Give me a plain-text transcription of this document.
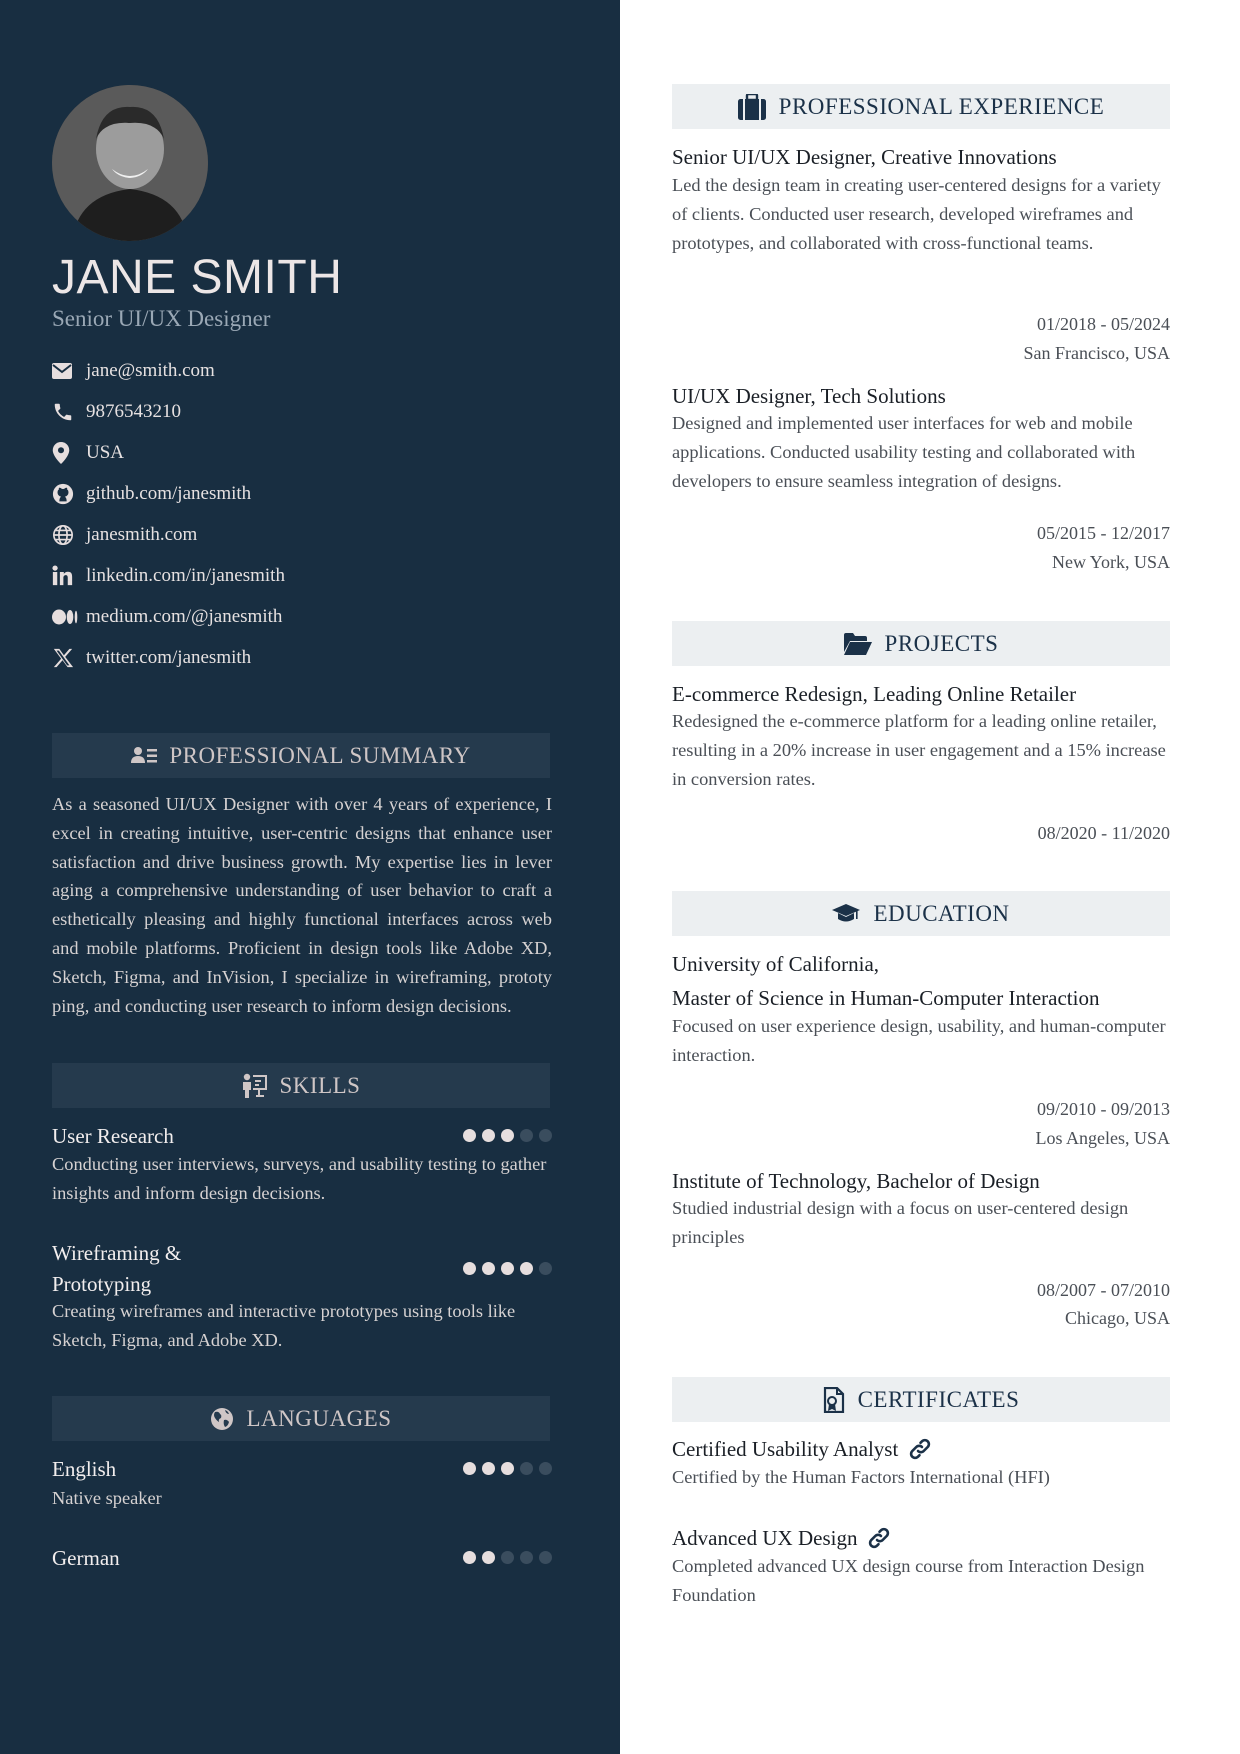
JANE SMITH
Senior UI/UX Designer
jane@smith.com
9876543210
USA
github.com/janesmith
janesmith.com
linkedin.com/in/janesmith
medium.com/@janesmith
twitter.com/janesmith
PROFESSIONAL SUMMARY
As a seasoned UI/UX Designer with over 4 years of experience, I excel in creating intuitive, user-centric designs that enhance user satisfaction and drive business growth. My expertise lies in lever aging a comprehensive understanding of user behavior to craft a esthetically pleasing and highly functional interfaces across web and mobile platforms. Proficient in design tools like Adobe XD, Sketch, Figma, and InVision, I specialize in wireframing, prototy ping, and conducting user research to inform design decisions.
SKILLS
User Research
Conducting user interviews, surveys, and usability testing to gather insights and inform design decisions.
Wireframing &
Prototyping
Creating wireframes and interactive prototypes using tools like Sketch, Figma, and Adobe XD.
LANGUAGES
English
Native speaker
German
PROFESSIONAL EXPERIENCE
Senior UI/UX Designer, Creative Innovations
Led the design team in creating user-centered designs for a variety of clients. Conducted user research, developed wireframes and prototypes, and collaborated with cross-functional teams.
01/2018 - 05/2024
San Francisco, USA
UI/UX Designer, Tech Solutions
Designed and implemented user interfaces for web and mobile applications. Conducted usability testing and collaborated with developers to ensure seamless integration of designs.
05/2015 - 12/2017
New York, USA
PROJECTS
E-commerce Redesign, Leading Online Retailer
Redesigned the e-commerce platform for a leading online retailer, resulting in a 20% increase in user engagement and a 15% increase in conversion rates.
08/2020 - 11/2020
EDUCATION
University of California,
Master of Science in Human-Computer Interaction
Focused on user experience design, usability, and human-computer interaction.
09/2010 - 09/2013
Los Angeles, USA
Institute of Technology, Bachelor of Design
Studied industrial design with a focus on user-centered design principles
08/2007 - 07/2010
Chicago, USA
CERTIFICATES
Certified Usability Analyst
Certified by the Human Factors International (HFI)
Advanced UX Design
Completed advanced UX design course from Interaction Design Foundation
